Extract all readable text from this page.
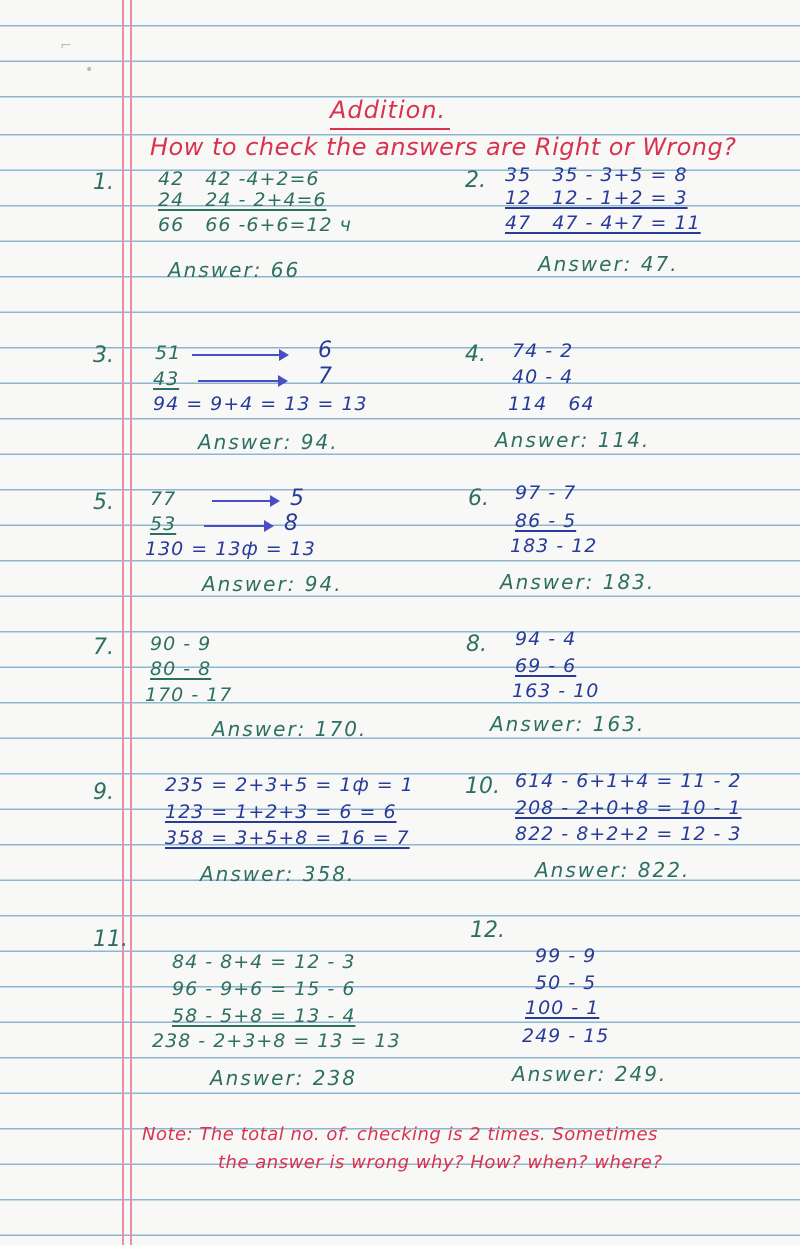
⌐
•
Addition.
How to check the answers are Right or Wrong?
1. 42   42 -4+2=6
24   24 - 2+4=6
66   66 -6+6=12 ч
Answer: 66
2. 35   35 - 3+5 = 8
12   12 - 1+2 = 3
47   47 - 4+7 = 11
Answer: 47.
3. 51	6
43	7
94 = 9+4 = 13 = 13
Answer: 94.
4. 74 - 2
40 - 4
114   64
Answer: 114.
5. 77	5
53	8
130 = 13ф = 13
Answer: 94.
6. 97 - 7
86 - 5
183 - 12
Answer: 183.
7. 90 - 9
80 - 8
170 - 17
Answer: 170.
8. 94 - 4
69 - 6
163 - 10
Answer: 163.
9.	235 = 2+3+5 = 1ф = 1
123 = 1+2+3 = 6 = 6
358 = 3+5+8 = 16 = 7
Answer: 358.
10. 614 - 6+1+4 = 11 - 2
208 - 2+0+8 = 10 - 1
822 - 8+2+2 = 12 - 3
Answer: 822.
11.
84 - 8+4 = 12 - 3
96 - 9+6 = 15 - 6
58 - 5+8 = 13 - 4
238 - 2+3+8 = 13 = 13
Answer: 238
12.
99 - 9
50 - 5
100 - 1
249 - 15
Answer: 249.
Note: The total no. of. checking is 2 times. Sometimes
the answer is wrong why? How? when? where?
